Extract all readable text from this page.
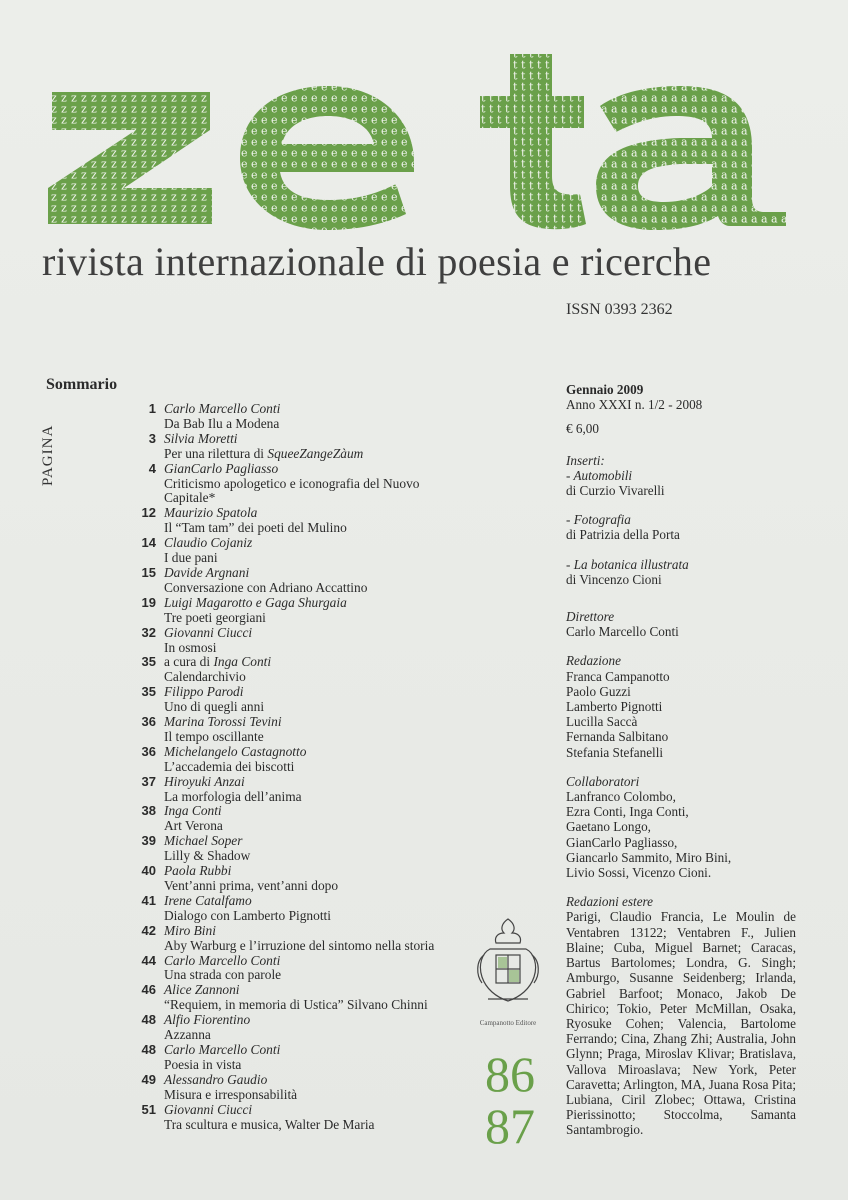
rivista internazionale di poesia e ricerche
ISSN 0393 2362
Sommario
PAGINA
1 Carlo Marcello Conti
Da Bab Ilu a Modena
3 Silvia Moretti
Per una rilettura di SqueeZangeZàum
4 GianCarlo Pagliasso
Criticismo apologetico e iconografia del Nuovo Capitale*
12 Maurizio Spatola
Il “Tam tam” dei poeti del Mulino
14 Claudio Cojaniz
I due pani
15 Davide Argnani
Conversazione con Adriano Accattino
19 Luigi Magarotto e Gaga Shurgaia
Tre poeti georgiani
32 Giovanni Ciucci
In osmosi
35 a cura di Inga Conti
Calendarchivio
35 Filippo Parodi
Uno di quegli anni
36 Marina Torossi Tevini
Il tempo oscillante
36 Michelangelo Castagnotto
L’accademia dei biscotti
37 Hiroyuki Anzai
La morfologia dell’anima
38 Inga Conti
Art Verona
39 Michael Soper
Lilly & Shadow
40 Paola Rubbi
Vent’anni prima, vent’anni dopo
41 Irene Catalfamo
Dialogo con Lamberto Pignotti
42 Miro Bini
Aby Warburg e l’irruzione del sintomo nella storia
44 Carlo Marcello Conti
Una strada con parole
46 Alice Zannoni
“Requiem, in memoria di Ustica” Silvano Chinni
48 Alfio Fiorentino
Azzanna
48 Carlo Marcello Conti
Poesia in vista
49 Alessandro Gaudio
Misura e irresponsabilità
51 Giovanni Ciucci
Tra scultura e musica, Walter De Maria
Gennaio 2009
Anno XXXI n. 1/2 - 2008
€ 6,00
Inserti:
- Automobili
di Curzio Vivarelli
- Fotografia
di Patrizia della Porta
- La botanica illustrata
di Vincenzo Cioni
Direttore
Carlo Marcello Conti
Redazione
Franca Campanotto
Paolo Guzzi
Lamberto Pignotti
Lucilla Saccà
Fernanda Salbitano
Stefania Stefanelli
Collaboratori
Lanfranco Colombo,
Ezra Conti, Inga Conti,
Gaetano Longo,
GianCarlo Pagliasso,
Giancarlo Sammito, Miro Bini,
Livio Sossi, Vicenzo Cioni.
Redazioni estere
Parigi, Claudio Francia, Le Moulin de Ventabren 13122; Ventabren F., Julien Blaine; Cuba, Miguel Barnet; Caracas, Bartus Bartolomes; Londra, G. Singh; Amburgo, Susanne Seidenberg; Irlanda, Gabriel Barfoot; Monaco, Jakob De Chirico; Tokio, Peter McMillan, Osaka, Ryosuke Cohen; Valencia, Bartolome Ferrando; Cina, Zhang Zhi; Australia, John Glynn; Praga, Miroslav Klivar; Bratislava, Vallova Miroaslava; New York, Peter Caravetta; Arlington, MA, Juana Rosa Pita; Lubiana, Ciril Zlobec; Ottawa, Cristina Pierissinotto; Stoccolma, Samanta Santambrogio.
Campanotto Editore
86
87
